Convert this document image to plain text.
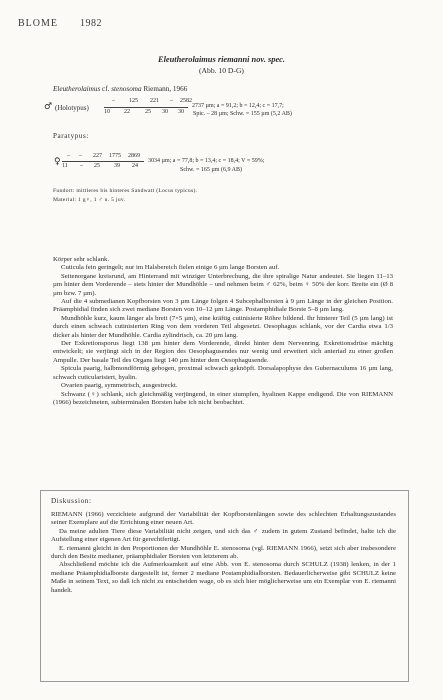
BLOME 1982
Eleutherolaimus riemanni nov. spec.
(Abb. 10 D-G)
Eleutherolaimus cf. stenosoma Riemann, 1966
♂ (Holotypus)
– 125 221 – 2582
10 22	25 30 30
2737 µm; a = 91,2; b = 12,4; c = 17,7;
Spic. – 28 µm; Schw. = 155 µm (5,2 AB)
Paratypus:
♀
– – 227 1775 2869
11 – 25 39 24
3034 µm; a = 77,8; b = 13,4; c = 18,4; V = 59%;
Schw. = 165 µm (6,9 AB)
Fundort: mittleres bis hinteres Sandwatt (Locus typicus).
Material: 1 g♀, 1 ♂ u. 5 juv.

Körper sehr schlank.

Cuticula fein geringelt; nur im Halsbereich fielen einige 6 µm lange Borsten auf.

Seitenorgane kreisrund, am Hinterrand mit winziger Unterbrechung, die ihre spiralige Natur andeutet. Sie liegen 11–13 µm hinter dem Vorderende – stets hinter der Mundhöhle – und nehmen beim ♂ 62%, beim ♀ 50% der korr. Breite ein (Ø 8 µm bzw. 7 µm).

Auf die 4 submedianen Kopfborsten von 3 µm Länge folgen 4 Subcephalborsten à 9 µm Länge in der gleichen Position. Präamphidial finden sich zwei mediane Borsten von 10–12 µm Länge. Postamphidiale Borste 5–8 µm lang.

Mundhöhle kurz, kaum länger als breit (7×5 µm), eine kräftig cutinisierte Röhre bildend. Ihr hinterer Teil (5 µm lang) ist durch einen schwach cutinisierten Ring von dem vorderen Teil abgesetzt. Oesophagus schlank, vor der Cardia etwa 1/3 dicker als hinter der Mundhöhle. Cardia zylindrisch, ca. 20 µm lang.

Der Exkretionsporus liegt 138 µm hinter dem Vorderende, direkt hinter dem Nervenring. Exkretionsdrüse mächtig entwickelt; sie verjüngt sich in der Region des Oesophagusendes nur wenig und erweitert sich anteriad zu einer großen Ampulle. Der basale Teil des Organs liegt 140 µm hinter dem Oesophagusende.

Spicula paarig, halbmondförmig gebogen, proximal schwach geknöpft. Dorsalapophyse des Gubernaculums 16 µm lang, schwach cuticularisiert, hyalin.

Ovarien paarig, symmetrisch, ausgestreckt.

Schwanz (♀) schlank, sich gleichmäßig verjüngend, in einer stumpfen, hyalinen Kappe endigend. Die von RIEMANN (1966) bezeichneten, subterminalen Borsten habe ich nicht beobachtet.

Diskussion:

RIEMANN (1966) verzichtete aufgrund der Variabilität der Kopfborstenlängen sowie des schlechten Erhaltungszustandes seiner Exemplare auf die Errichtung einer neuen Art.

Da meine adulten Tiere diese Variabilität nicht zeigen, und sich das ♂ zudem in gutem Zustand befindet, halte ich die Aufstellung einer eigenen Art für gerechtfertigt.

E. riemanni gleicht in den Proportionen der Mundhöhle E. stenosoma (vgl. RIEMANN 1966), setzt sich aber insbesondere durch den Besitz medianer, präamphidialer Borsten von letzterem ab.

Abschließend möchte ich die Aufmerksamkeit auf eine Abb. von E. stenosoma durch SCHULZ (1938) lenken, in der 1 mediane Präamphidialborste dargestellt ist, ferner 2 mediane Postamphidialborsten. Bedauerlicherweise gibt SCHULZ keine Maße in seinem Text, so daß ich nicht zu entscheiden wage, ob es sich hier möglicherweise um ein Exemplar von E. riemanni handelt.
